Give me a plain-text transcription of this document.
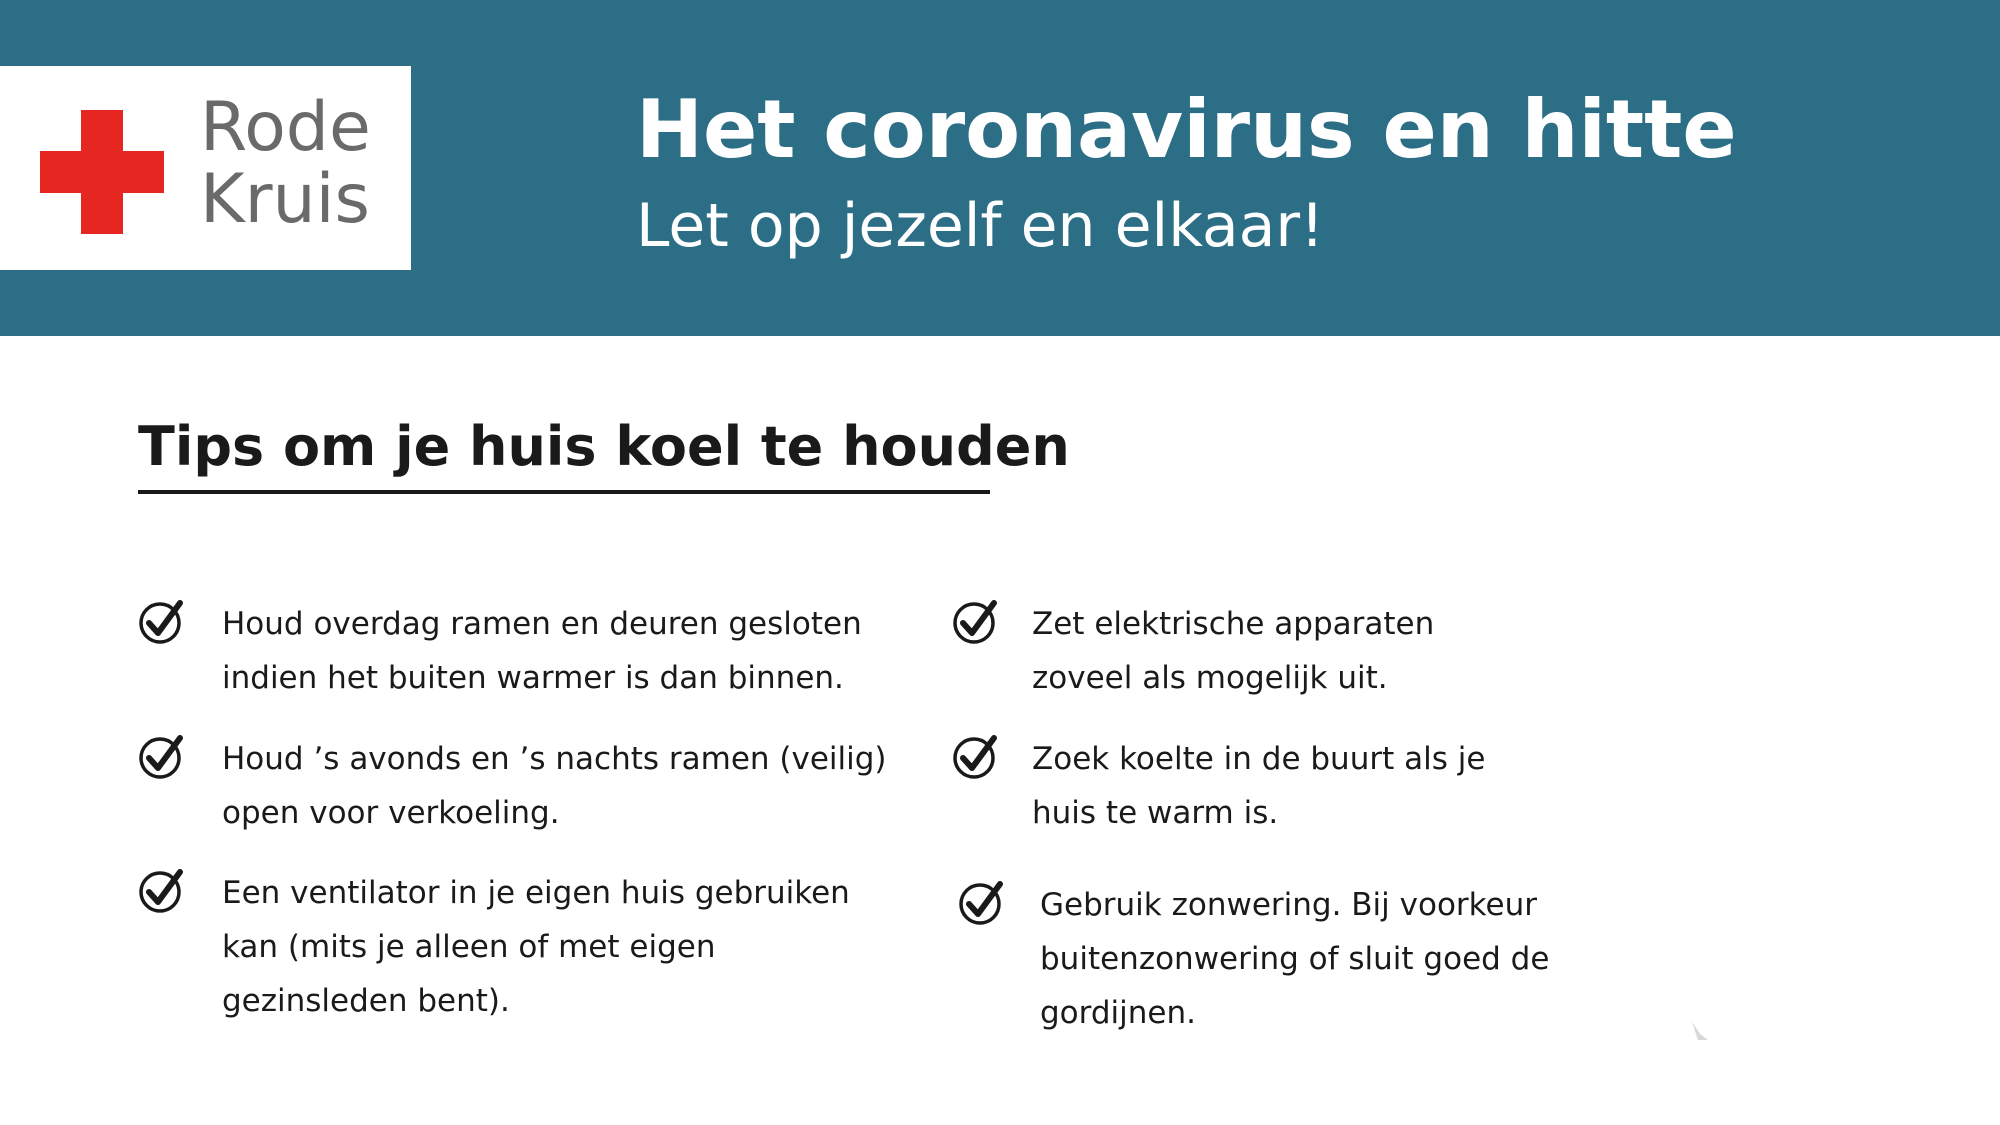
Rode
Kruis
Het coronavirus en hitte
Let op jezelf en elkaar!
Tips om je huis koel te houden
Houd overdag ramen en deuren gesloten
indien het buiten warmer is dan binnen.
Houd ’s avonds en ’s nachts ramen (veilig)
open voor verkoeling.
Een ventilator in je eigen huis gebruiken
kan (mits je alleen of met eigen
gezinsleden bent).
Zet elektrische apparaten
zoveel als mogelijk uit.
Zoek koelte in de buurt als je
huis te warm is.
Gebruik zonwering. Bij voorkeur
buitenzonwering of sluit goed de
gordijnen.
